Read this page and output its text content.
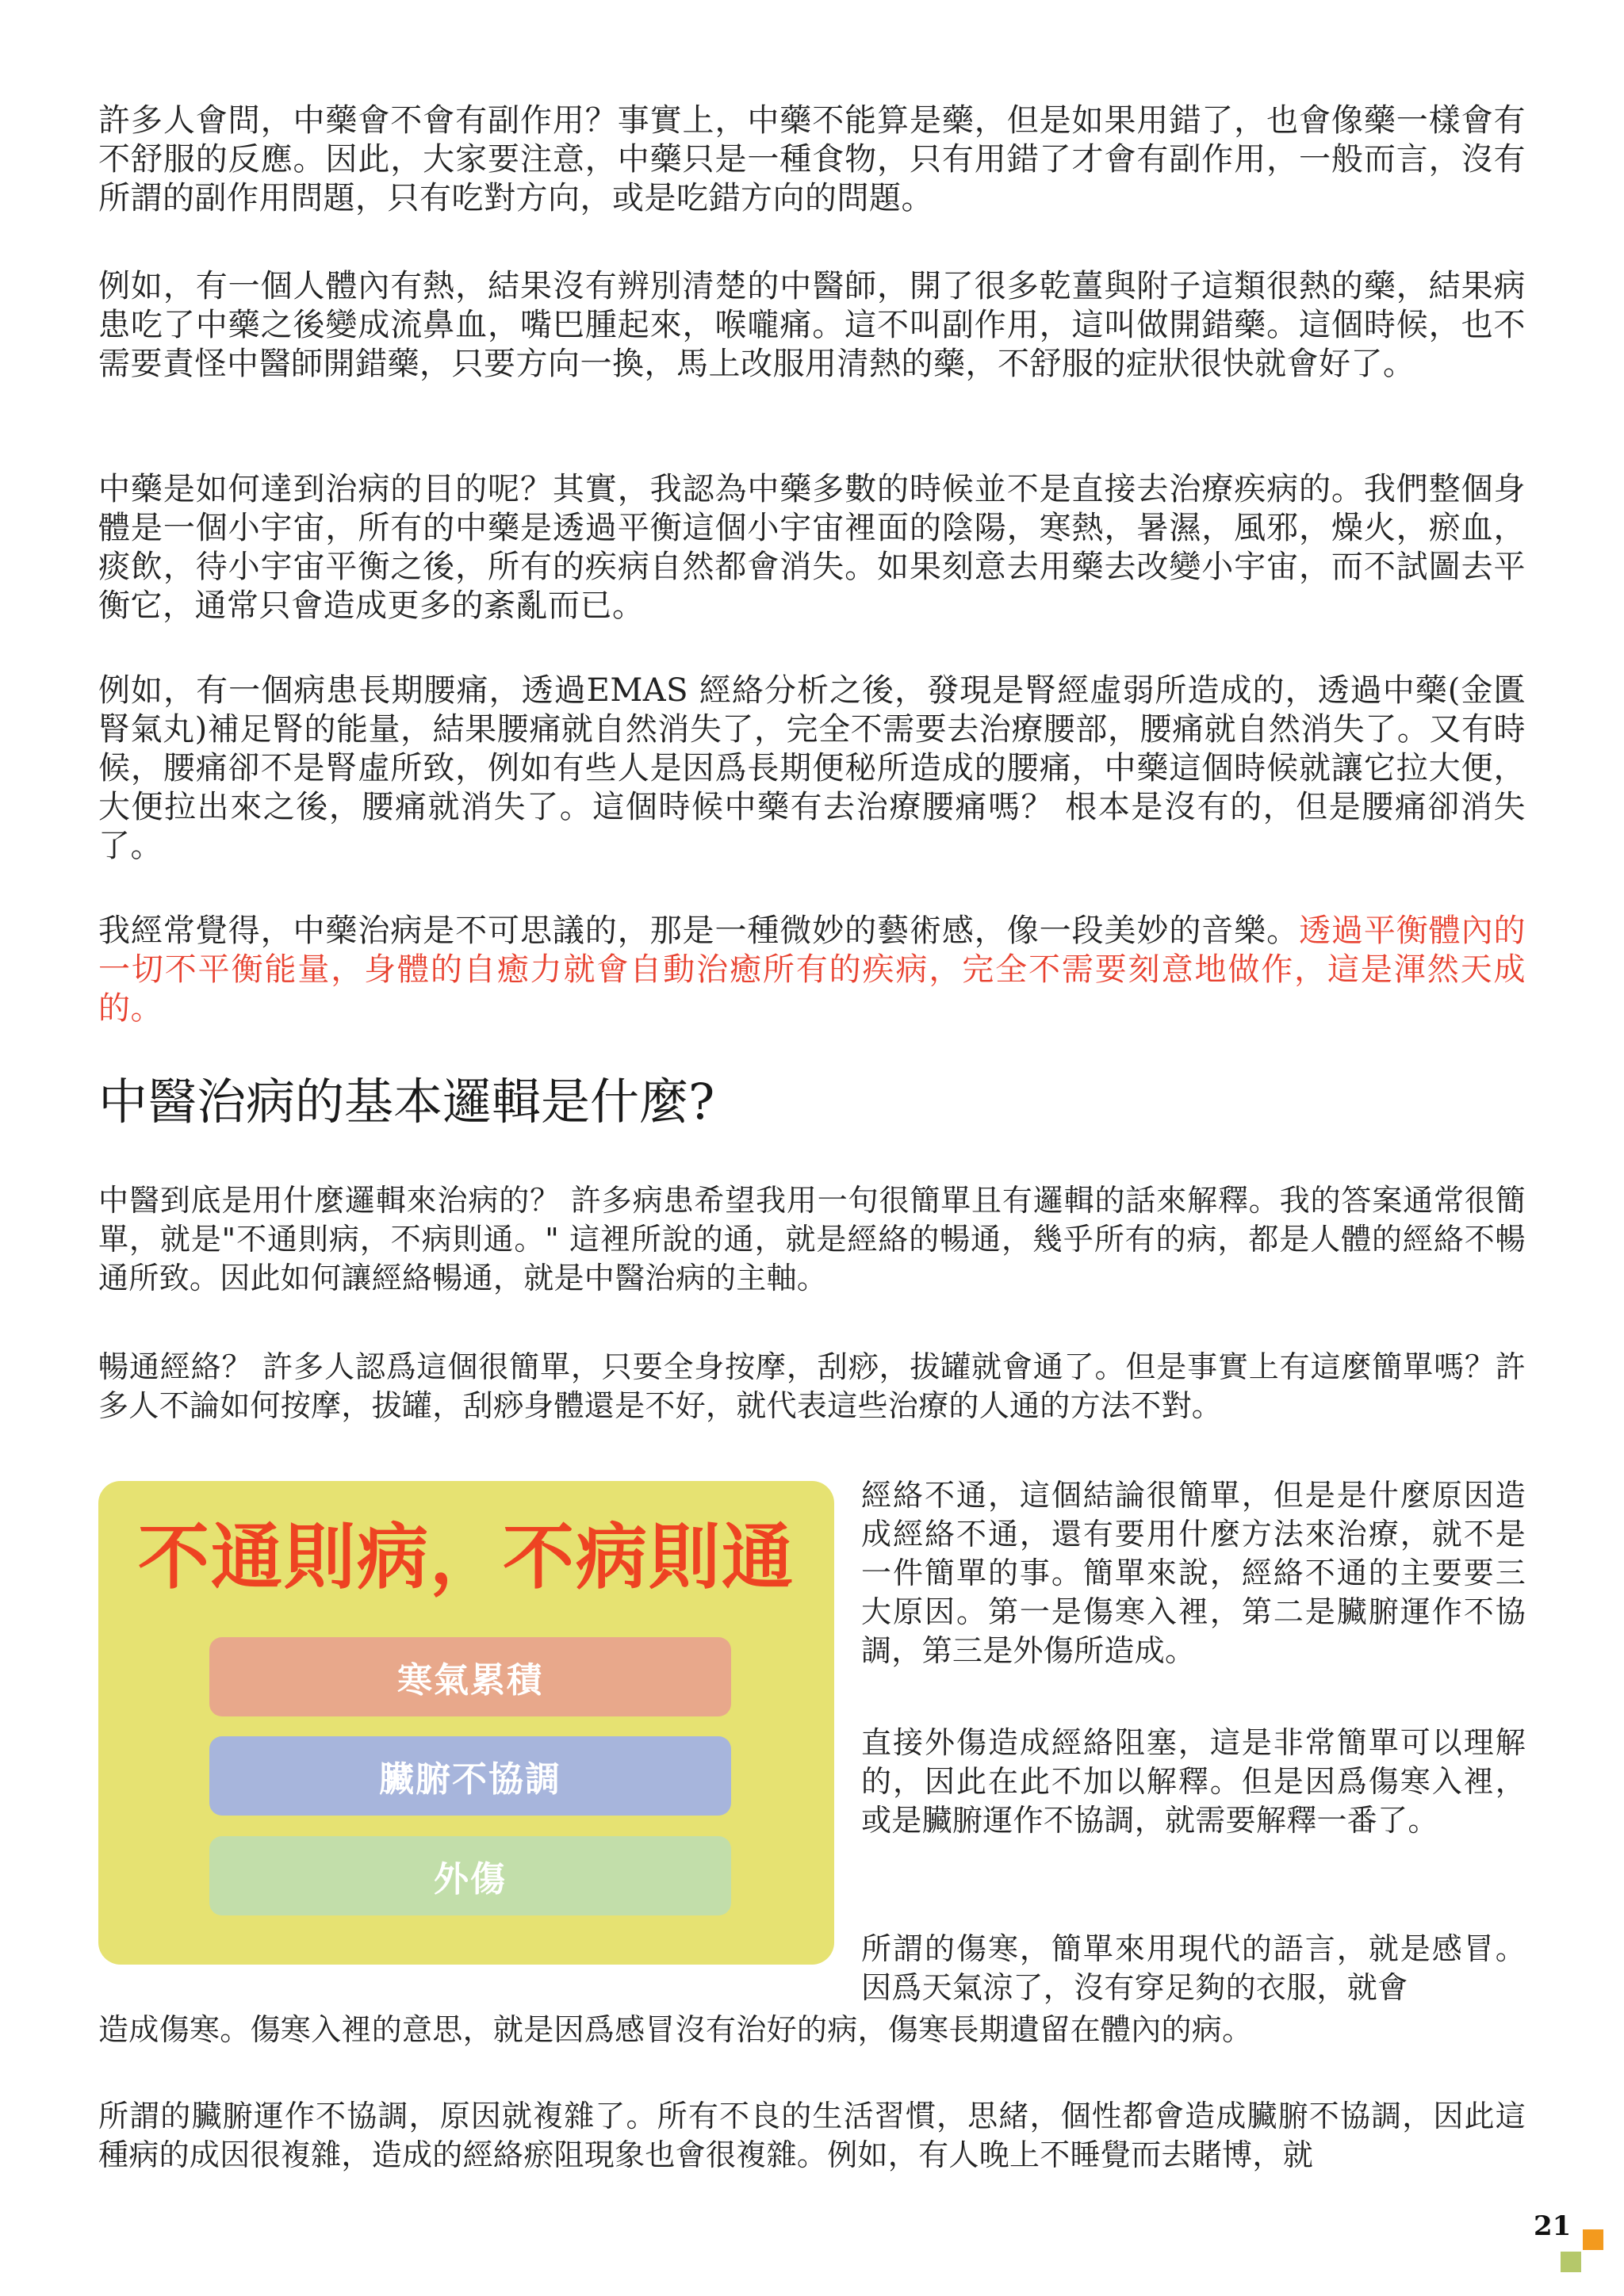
許多人會問，中藥會不會有副作用？事實上，中藥不能算是藥，但是如果用錯了，也會像藥一樣會有不舒服的反應。因此，大家要注意，中藥只是一種食物，只有用錯了才會有副作用，一般而言，沒有所謂的副作用問題，只有吃對方向，或是吃錯方向的問題。

例如，有一個人體內有熱，結果沒有辨別清楚的中醫師，開了很多乾薑與附子這類很熱的藥，結果病患吃了中藥之後變成流鼻血，嘴巴腫起來，喉嚨痛。這不叫副作用，這叫做開錯藥。這個時候，也不需要責怪中醫師開錯藥，只要方向一換，馬上改服用清熱的藥，不舒服的症狀很快就會好了。

中藥是如何達到治病的目的呢？其實，我認為中藥多數的時候並不是直接去治療疾病的。我們整個身體是一個小宇宙，所有的中藥是透過平衡這個小宇宙裡面的陰陽，寒熱，暑濕，風邪，燥火，瘀血，痰飲，待小宇宙平衡之後，所有的疾病自然都會消失。如果刻意去用藥去改變小宇宙，而不試圖去平衡它，通常只會造成更多的紊亂而已。

例如，有一個病患長期腰痛，透過EMAS 經絡分析之後，發現是腎經虛弱所造成的，透過中藥(金匱腎氣丸)補足腎的能量，結果腰痛就自然消失了，完全不需要去治療腰部，腰痛就自然消失了。又有時候，腰痛卻不是腎虛所致，例如有些人是因爲長期便秘所造成的腰痛，中藥這個時候就讓它拉大便，大便拉出來之後，腰痛就消失了。這個時候中藥有去治療腰痛嗎？ 根本是沒有的，但是腰痛卻消失了。

我經常覺得，中藥治病是不可思議的，那是一種微妙的藝術感，像一段美妙的音樂。透過平衡體內的一切不平衡能量，身體的自癒力就會自動治癒所有的疾病，完全不需要刻意地做作，這是渾然天成的。

中醫治病的基本邏輯是什麼?

中醫到底是用什麼邏輯來治病的？ 許多病患希望我用一句很簡單且有邏輯的話來解釋。我的答案通常很簡單，就是"不通則病，不病則通。" 這裡所說的通，就是經絡的暢通，幾乎所有的病，都是人體的經絡不暢通所致。因此如何讓經絡暢通，就是中醫治病的主軸。

暢通經絡？ 許多人認爲這個很簡單，只要全身按摩，刮痧，拔罐就會通了。但是事實上有這麼簡單嗎？許多人不論如何按摩，拔罐，刮痧身體還是不好，就代表這些治療的人通的方法不對。

不通則病，不病則通
寒氣累積
臟腑不協調
外傷

經絡不通，這個結論很簡單，但是是什麼原因造成經絡不通，還有要用什麼方法來治療，就不是一件簡單的事。簡單來說，經絡不通的主要要三大原因。第一是傷寒入裡，第二是臟腑運作不協調，第三是外傷所造成。

直接外傷造成經絡阻塞，這是非常簡單可以理解的，因此在此不加以解釋。但是因爲傷寒入裡，或是臟腑運作不協調，就需要解釋一番了。

所謂的傷寒，簡單來用現代的語言，就是感冒。因爲天氣涼了，沒有穿足夠的衣服，就會

造成傷寒。傷寒入裡的意思，就是因爲感冒沒有治好的病，傷寒長期遺留在體內的病。

所謂的臟腑運作不協調，原因就複雜了。所有不良的生活習慣，思緒，個性都會造成臟腑不協調，因此這種病的成因很複雜，造成的經絡瘀阻現象也會很複雜。例如，有人晚上不睡覺而去賭博，就

21
